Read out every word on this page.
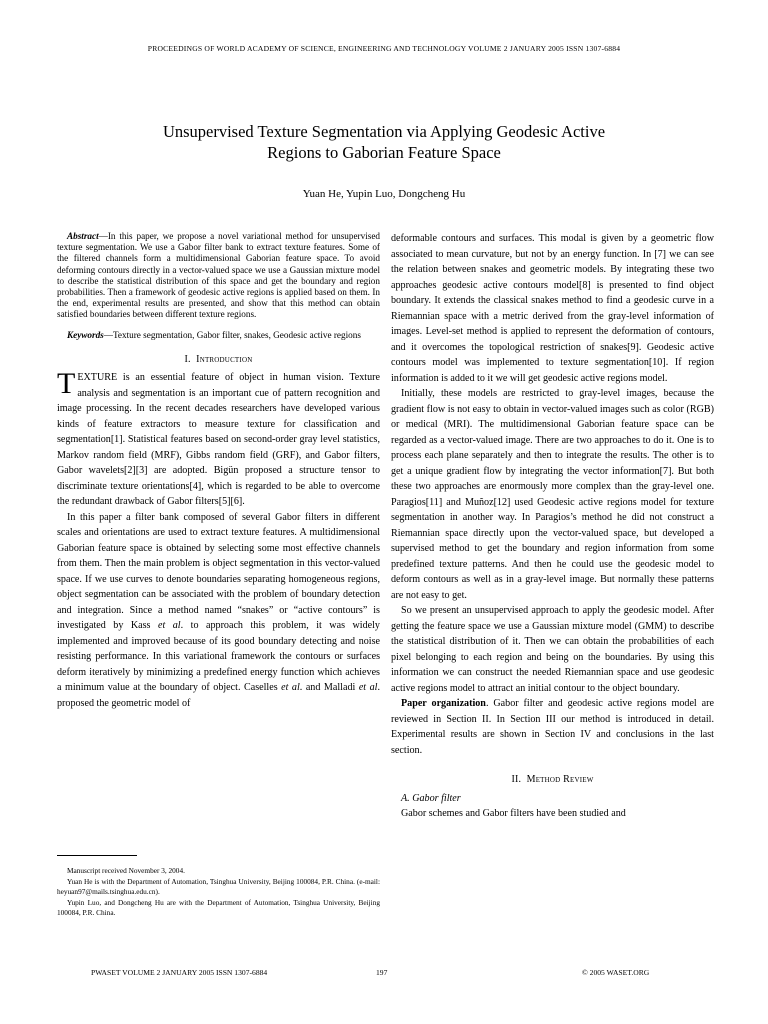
PROCEEDINGS OF WORLD ACADEMY OF SCIENCE, ENGINEERING AND TECHNOLOGY VOLUME 2 JANUARY 2005 ISSN 1307-6884
Unsupervised Texture Segmentation via Applying Geodesic Active
Regions to Gaborian Feature Space
Yuan He, Yupin Luo, Dongcheng Hu

Abstract—In this paper, we propose a novel variational method for unsupervised texture segmentation. We use a Gabor filter bank to extract texture features. Some of the filtered channels form a multidimensional Gaborian feature space. To avoid deforming contours directly in a vector-valued space we use a Gaussian mixture model to describe the statistical distribution of this space and get the boundary and region probabilities. Then a framework of geodesic active regions is applied based on them. In the end, experimental results are presented, and show that this method can obtain satisfied boundaries between different texture regions.

Keywords—Texture segmentation, Gabor filter, snakes, Geodesic active regions

I. Introduction

TEXTURE is an essential feature of object in human vision. Texture analysis and segmentation is an important cue of pattern recognition and image processing. In the recent decades researchers have developed various kinds of feature extractors to measure texture for classification and segmentation[1]. Statistical features based on second-order gray level statistics, Markov random field (MRF), Gibbs random field (GRF), and Gabor filters, Gabor wavelets[2][3] are adopted. Bigün proposed a structure tensor to discriminate texture orientations[4], which is regarded to be able to overcome the redundant drawback of Gabor filters[5][6].

In this paper a filter bank composed of several Gabor filters in different scales and orientations are used to extract texture features. A multidimensional Gaborian feature space is obtained by selecting some most effective channels from them. Then the main problem is object segmentation in this vector-valued space. If we use curves to denote boundaries separating homogeneous regions, object segmentation can be associated with the problem of boundary detection and integration. Since a method named “snakes” or “active contours” is investigated by Kass et al. to approach this problem, it was widely implemented and improved because of its good boundary detecting and noise resisting performance. In this variational framework the contours or surfaces deform iteratively by minimizing a predefined energy function which achieves a minimum value at the boundary of object. Caselles et al. and Malladi et al. proposed the geometric model of

deformable contours and surfaces. This modal is given by a geometric flow associated to mean curvature, but not by an energy function. In [7] we can see the relation between snakes and geometric models. By integrating these two approaches geodesic active contours model[8] is presented to find object boundary. It extends the classical snakes method to find a geodesic curve in a Riemannian space with a metric derived from the gray-level information of images. Level-set method is applied to represent the deformation of contours, and it overcomes the topological restriction of snakes[9]. Geodesic active contours model was implemented to texture segmentation[10]. If region information is added to it we will get geodesic active regions model.

Initially, these models are restricted to gray-level images, because the gradient flow is not easy to obtain in vector-valued images such as color (RGB) or medical (MRI). The multidimensional Gaborian feature space can be regarded as a vector-valued image. There are two approaches to do it. One is to process each plane separately and then to integrate the results. The other is to get a unique gradient flow by integrating the vector information[7]. But both these two approaches are enormously more complex than the gray-level one. Paragios[11] and Muñoz[12] used Geodesic active regions model for texture segmentation in another way. In Paragios’s method he did not construct a Riemannian space directly upon the vector-valued space, but developed a supervised method to get the boundary and region information from some predefined texture patterns. And then he could use the geodesic model to deform contours as well as in a gray-level image. But normally these patterns are not easy to get.

So we present an unsupervised approach to apply the geodesic model. After getting the feature space we use a Gaussian mixture model (GMM) to describe the statistical distribution of it. Then we can obtain the probabilities of each pixel belonging to each region and being on the boundaries. By using this information we can construct the needed Riemannian space and use geodesic active regions model to attract an initial contour to the object boundary.

Paper organization. Gabor filter and geodesic active regions model are reviewed in Section II. In Section III our method is introduced in detail. Experimental results are shown in Section IV and conclusions in the last section.

II. Method Review

A. Gabor filter

Gabor schemes and Gabor filters have been studied and

Manuscript received November 3, 2004.

Yuan He is with the Department of Automation, Tsinghua University, Beijing 100084, P.R. China. (e-mail: heyuan97@mails.tsinghua.edu.cn).

Yupin Luo, and Dongcheng Hu are with the Department of Automation, Tsinghua University, Beijing 100084, P.R. China.

PWASET VOLUME 2 JANUARY 2005 ISSN 1307-6884	197	© 2005 WASET.ORG
